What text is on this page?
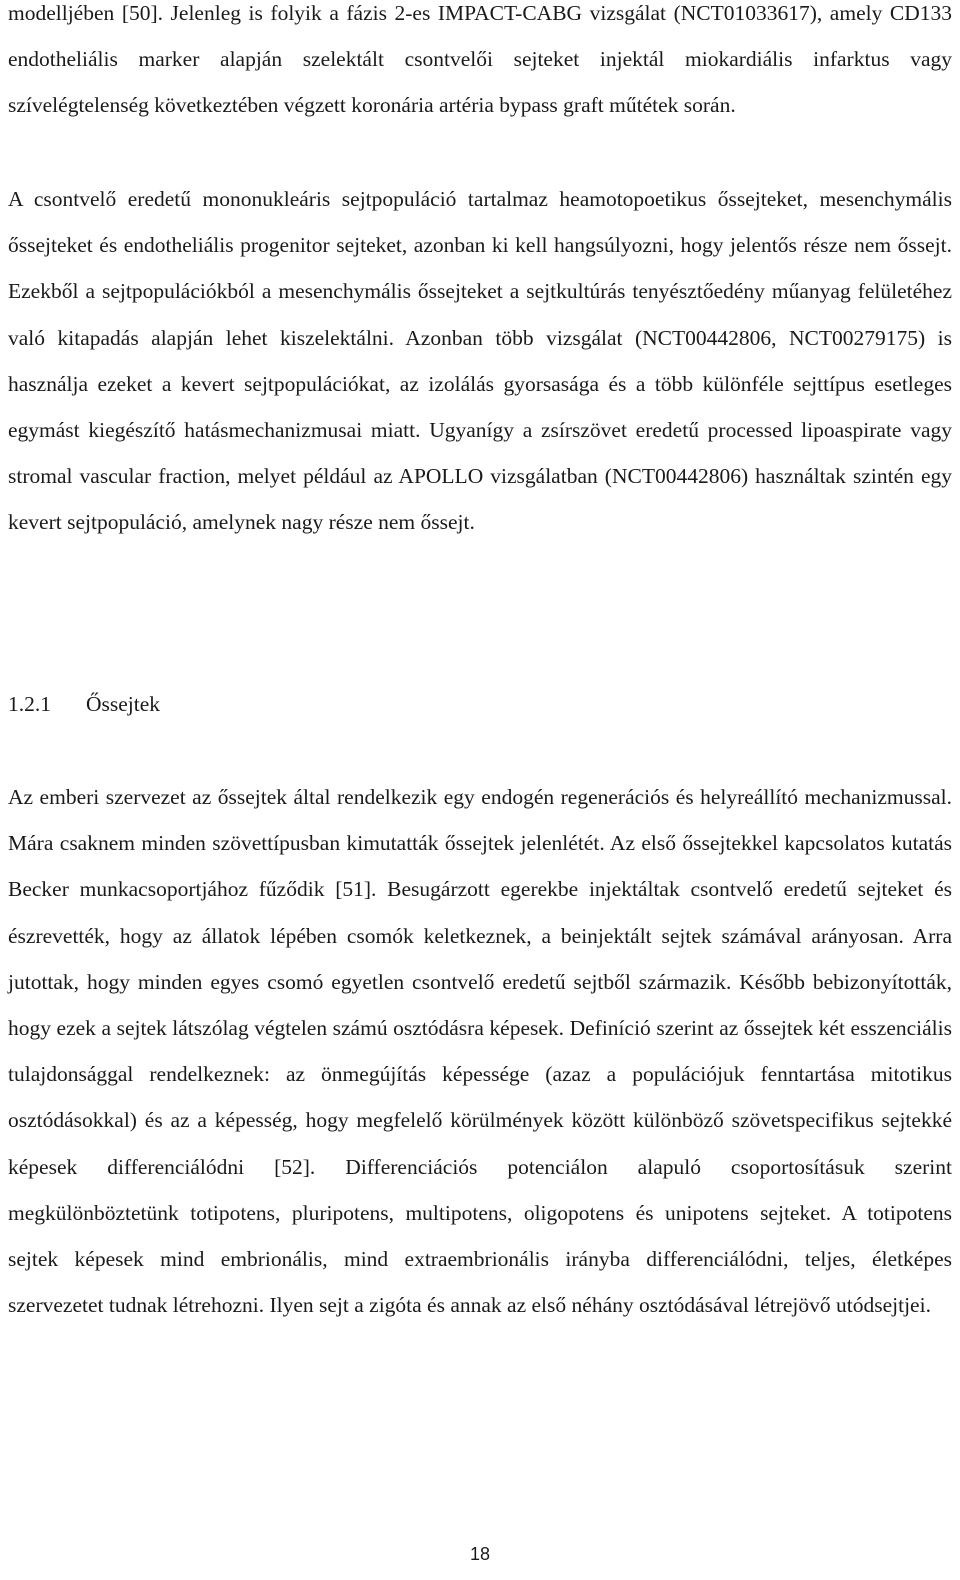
modelljében [50]. Jelenleg is folyik a fázis 2-es IMPACT-CABG vizsgálat (NCT01033617), amely CD133 endotheliális marker alapján szelektált csontvelői sejteket injektál miokardiális infarktus vagy szívelégtelenség következtében végzett koronária artéria bypass graft műtétek során.

A csontvelő eredetű mononukleáris sejtpopuláció tartalmaz heamotopoetikus őssejteket, mesenchymális őssejteket és endotheliális progenitor sejteket, azonban ki kell hangsúlyozni, hogy jelentős része nem őssejt. Ezekből a sejtpopulációkból a mesenchymális őssejteket a sejtkultúrás tenyésztőedény műanyag felületéhez való kitapadás alapján lehet kiszelektálni. Azonban több vizsgálat (NCT00442806, NCT00279175) is használja ezeket a kevert sejtpopulációkat, az izolálás gyorsasága és a több különféle sejttípus esetleges egymást kiegészítő hatásmechanizmusai miatt. Ugyanígy a zsírszövet eredetű processed lipoaspirate vagy stromal vascular fraction, melyet például az APOLLO vizsgálatban (NCT00442806) használtak szintén egy kevert sejtpopuláció, amelynek nagy része nem őssejt.

1.2.1 Őssejtek

Az emberi szervezet az őssejtek által rendelkezik egy endogén regenerációs és helyreállító mechanizmussal. Mára csaknem minden szövettípusban kimutatták őssejtek jelenlétét. Az első őssejtekkel kapcsolatos kutatás Becker munkacsoportjához fűződik [51]. Besugárzott egerekbe injektáltak csontvelő eredetű sejteket és észrevették, hogy az állatok lépében csomók keletkeznek, a beinjektált sejtek számával arányosan. Arra jutottak, hogy minden egyes csomó egyetlen csontvelő eredetű sejtből származik. Később bebizonyították, hogy ezek a sejtek látszólag végtelen számú osztódásra képesek. Definíció szerint az őssejtek két esszenciális tulajdonsággal rendelkeznek: az önmegújítás képessége (azaz a populációjuk fenntartása mitotikus osztódásokkal) és az a képesség, hogy megfelelő körülmények között különböző szövetspecifikus sejtekké képesek differenciálódni [52]. Differenciációs potenciálon alapuló csoportosításuk szerint megkülönböztetünk totipotens, pluripotens, multipotens, oligopotens és unipotens sejteket. A totipotens sejtek képesek mind embrionális, mind extraembrionális irányba differenciálódni, teljes, életképes szervezetet tudnak létrehozni. Ilyen sejt a zigóta és annak az első néhány osztódásával létrejövő utódsejtjei.

18
